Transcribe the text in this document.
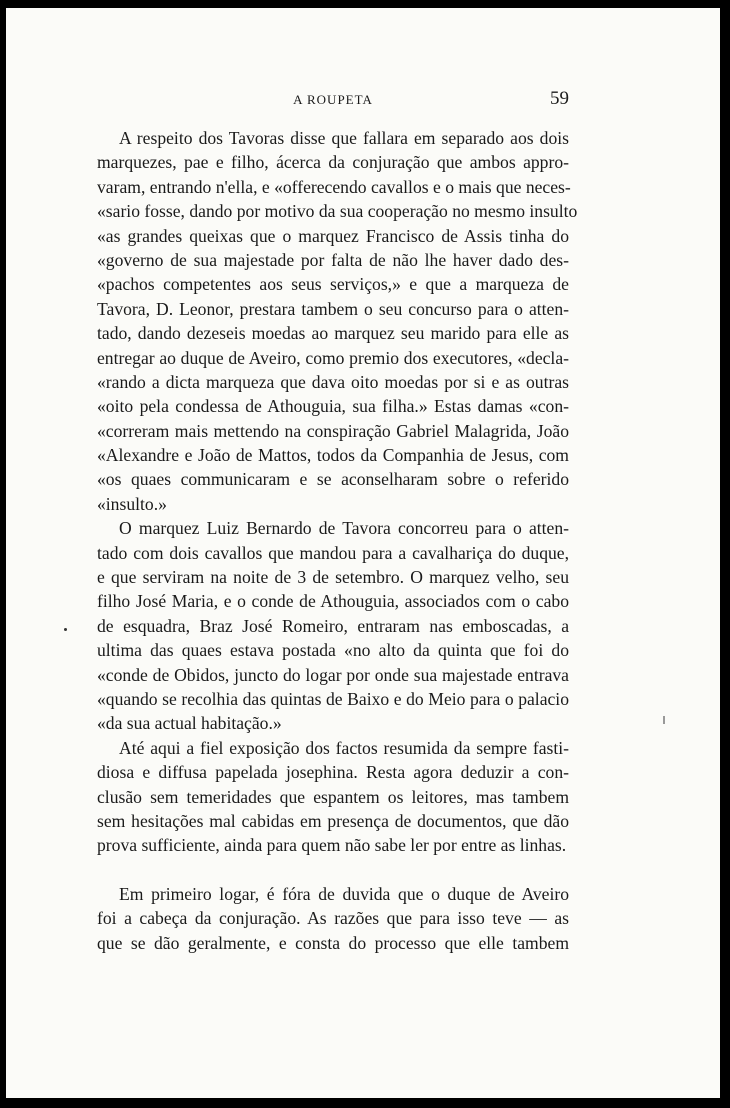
A ROUPETA	59
A respeito dos Tavoras disse que fallara em separado aos dois
marquezes, pae e filho, ácerca da conjuração que ambos appro-
varam, entrando n'ella, e «offerecendo cavallos e o mais que neces-
«sario fosse, dando por motivo da sua cooperação no mesmo insulto
«as grandes queixas que o marquez Francisco de Assis tinha do
«governo de sua majestade por falta de não lhe haver dado des-
«pachos competentes aos seus serviços,» e que a marqueza de
Tavora, D. Leonor, prestara tambem o seu concurso para o atten-
tado, dando dezeseis moedas ao marquez seu marido para elle as
entregar ao duque de Aveiro, como premio dos executores, «decla-
«rando a dicta marqueza que dava oito moedas por si e as outras
«oito pela condessa de Athouguia, sua filha.» Estas damas «con-
«correram mais mettendo na conspiração Gabriel Malagrida, João
«Alexandre e João de Mattos, todos da Companhia de Jesus, com
«os quaes communicaram e se aconselharam sobre o referido
«insulto.»
O marquez Luiz Bernardo de Tavora concorreu para o atten-
tado com dois cavallos que mandou para a cavalhariça do duque,
e que serviram na noite de 3 de setembro. O marquez velho, seu
filho José Maria, e o conde de Athouguia, associados com o cabo
de esquadra, Braz José Romeiro, entraram nas emboscadas, a
ultima das quaes estava postada «no alto da quinta que foi do
«conde de Obidos, juncto do logar por onde sua majestade entrava
«quando se recolhia das quintas de Baixo e do Meio para o palacio
«da sua actual habitação.»
Até aqui a fiel exposição dos factos resumida da sempre fasti-
diosa e diffusa papelada josephina. Resta agora deduzir a con-
clusão sem temeridades que espantem os leitores, mas tambem
sem hesitações mal cabidas em presença de documentos, que dão
prova sufficiente, ainda para quem não sabe ler por entre as linhas.
Em primeiro logar, é fóra de duvida que o duque de Aveiro
foi a cabeça da conjuração. As razões que para isso teve — as
que se dão geralmente, e consta do processo que elle tambem
